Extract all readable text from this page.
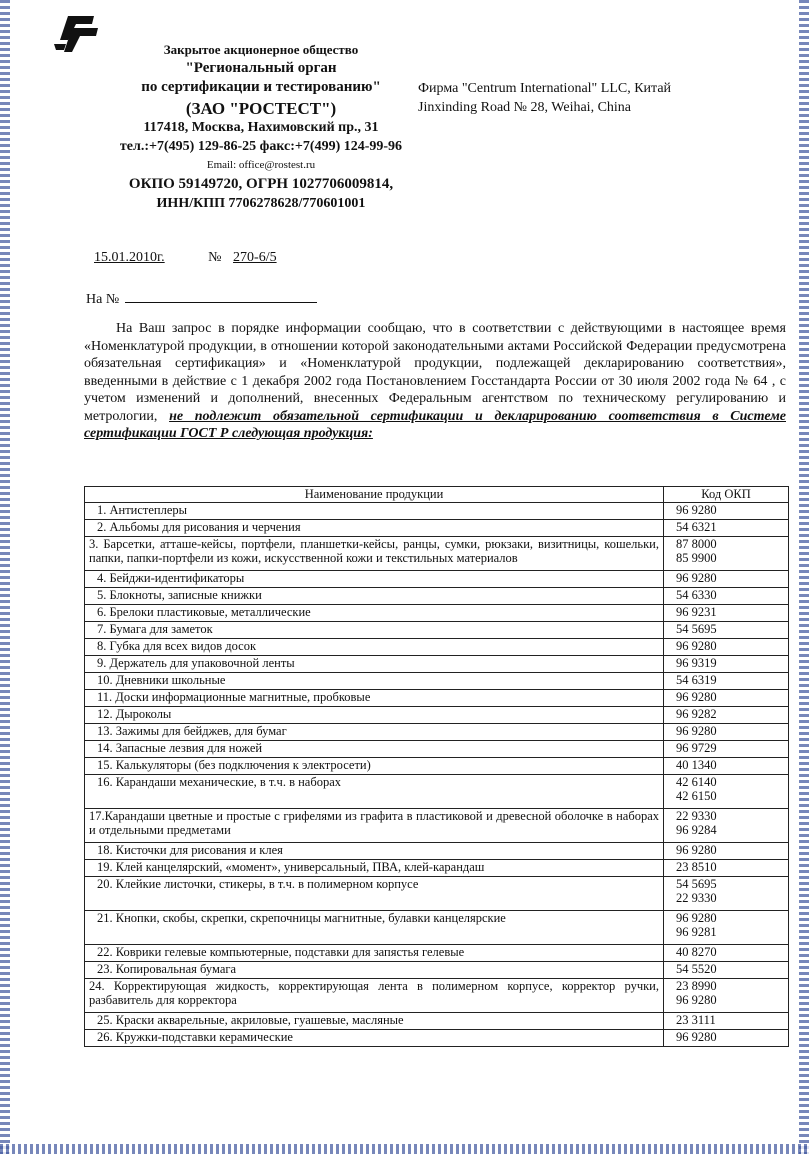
Закрытое акционерное общество
"Региональный орган
по сертификации и тестированию"
(ЗАО "РОСТЕСТ")
117418, Москва, Нахимовский пр., 31
тел.:+7(495) 129-86-25 факс:+7(499) 124-99-96
Email: office@rostest.ru
ОКПО 59149720, ОГРН 1027706009814,
ИНН/КПП 7706278628/770601001
Фирма "Centrum International" LLC, Китай
Jinxinding Road № 28, Weihai, China
15.01.2010г.	№ 270-6/5
На №
На Ваш запрос в порядке информации сообщаю, что в соответствии с действующими в настоящее время «Номенклатурой продукции, в отношении которой законодательными актами Российской Федерации предусмотрена обязательная сертификация» и «Номенклатурой продукции, подлежащей декларированию соответствия», введенными в действие с 1 декабря 2002 года Постановлением Госстандарта России от 30 июля 2002 года № 64 , с учетом изменений и дополнений, внесенных Федеральным агентством по техническому регулированию и метрологии, не подлежит обязательной сертификации и декларированию соответствия в Системе сертификации ГОСТ Р следующая продукция:
Наименование продукции	Код ОКП
1. Антистеплеры	96 9280
2. Альбомы для рисования и черчения	54 6321
3. Барсетки, атташе-кейсы, портфели, планшетки-кейсы, ранцы, сумки, рюкзаки, визитницы, кошельки, папки, папки-портфели из кожи, искусственной кожи и текстильных материалов	87 8000
85 9900
4. Бейджи-идентификаторы	96 9280
5. Блокноты, записные книжки	54 6330
6. Брелоки пластиковые, металлические	96 9231
7. Бумага для заметок	54 5695
8. Губка для всех видов досок	96 9280
9. Держатель для упаковочной ленты	96 9319
10. Дневники школьные	54 6319
11. Доски информационные магнитные, пробковые	96 9280
12. Дыроколы	96 9282
13. Зажимы для бейджев, для бумаг	96 9280
14. Запасные лезвия для ножей	96 9729
15. Калькуляторы (без подключения к электросети)	40 1340
16. Карандаши механические, в т.ч. в наборах	42 6140
42 6150
17.Карандаши цветные и простые с грифелями из графита в пластиковой и древесной оболочке в наборах и отдельными предметами	22 9330
96 9284
18. Кисточки для рисования и клея	96 9280
19. Клей канцелярский, «момент», универсальный, ПВА, клей-карандаш	23 8510
20. Клейкие листочки, стикеры, в т.ч. в полимерном корпусе	54 5695
22 9330
21. Кнопки, скобы, скрепки, скрепочницы магнитные, булавки канцелярские	96 9280
96 9281
22. Коврики гелевые компьютерные, подставки для запястья гелевые	40 8270
23. Копировальная бумага	54 5520
24. Корректирующая жидкость, корректирующая лента в полимерном корпусе, корректор ручки, разбавитель для корректора	23 8990
96 9280
25. Краски акварельные, акриловые, гуашевые, масляные	23 3111
26. Кружки-подставки керамические	96 9280
